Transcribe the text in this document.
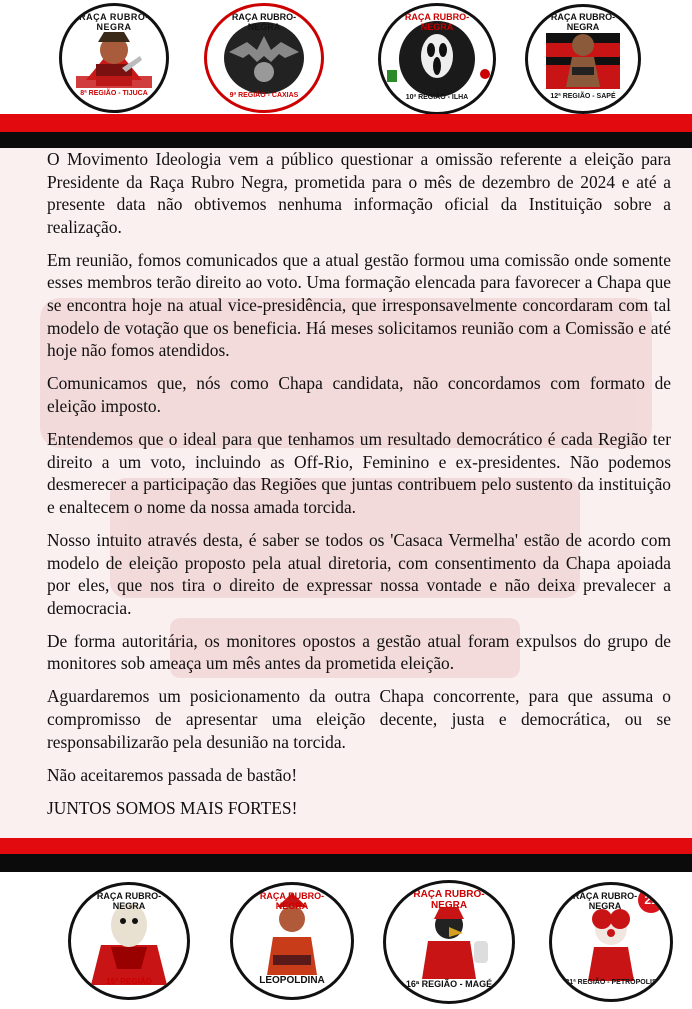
RAÇA RUBRO-NEGRA
8ª REGIÃO - TIJUCA
RAÇA RUBRO-NEGRA
9ª REGIÃO - CAXIAS
RAÇA RUBRO-NEGRA
10ª REGIÃO - ILHA
RAÇA RUBRO-NEGRA
12ª REGIÃO - SAPÉ

O Movimento Ideologia vem a público questionar a omissão referente a eleição para Presidente da Raça Rubro Negra, prometida para o mês de dezembro de 2024 e até a presente data não obtivemos nenhuma informação oficial da Instituição sobre a realização.

Em reunião, fomos comunicados que a atual gestão formou uma comissão onde somente esses membros terão direito ao voto. Uma formação elencada para favorecer a Chapa que se encontra hoje na atual vice-presidência, que irresponsavelmente concordaram com tal modelo de votação que os beneficia. Há meses solicitamos reunião com a Comissão e até hoje não fomos atendidos.

Comunicamos que, nós como Chapa candidata, não concordamos com formato de eleição imposto.

Entendemos que o ideal para que tenhamos um resultado democrático é cada Região ter direito a um voto, incluindo as Off-Rio, Feminino e ex-presidentes. Não podemos desmerecer a participação das Regiões que juntas contribuem pelo sustento da instituição e enaltecem o nome da nossa amada torcida.

Nosso intuito através desta, é saber se todos os 'Casaca Vermelha' estão de acordo com modelo de eleição proposto pela atual diretoria, com consentimento da Chapa apoiada por eles, que nos tira o direito de expressar nossa vontade e não deixa prevalecer a democracia.

De forma autoritária, os monitores opostos a gestão atual foram expulsos do grupo de monitores sob ameaça um mês antes da prometida eleição.

Aguardaremos um posicionamento da outra Chapa concorrente, para que assuma o compromisso de apresentar uma eleição decente, justa e democrática, ou se responsabilizarão pela desunião na torcida.

Não aceitaremos passada de bastão!

JUNTOS SOMOS MAIS FORTES!

RAÇA RUBRO-NEGRA
15ª REGIÃO
RAÇA RUBRO-NEGRA
LEOPOLDINA
RAÇA RUBRO-NEGRA
16ª REGIÃO - MAGÉ
RAÇA RUBRO-NEGRA
21ª REGIÃO - PETRÓPOLIS
21
